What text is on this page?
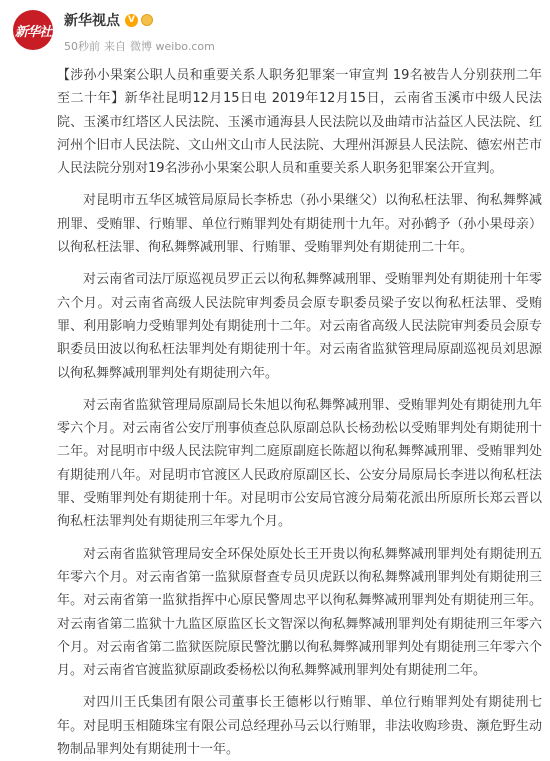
新华社
新华视点 V
50秒前 来自 微博 weibo.com

【涉孙小果案公职人员和重要关系人职务犯罪案一审宣判 19名被告人分别获刑二年至二十年】新华社昆明12月15日电 2019年12月15日，云南省玉溪市中级人民法院、玉溪市红塔区人民法院、玉溪市通海县人民法院以及曲靖市沾益区人民法院、红河州个旧市人民法院、文山州文山市人民法院、大理州洱源县人民法院、德宏州芒市人民法院分别对19名涉孙小果案公职人员和重要关系人职务犯罪案公开宣判。

对昆明市五华区城管局原局长李桥忠（孙小果继父）以徇私枉法罪、徇私舞弊减刑罪、受贿罪、行贿罪、单位行贿罪判处有期徒刑十九年。对孙鹤予（孙小果母亲）以徇私枉法罪、徇私舞弊减刑罪、行贿罪、受贿罪判处有期徒刑二十年。

对云南省司法厅原巡视员罗正云以徇私舞弊减刑罪、受贿罪判处有期徒刑十年零六个月。对云南省高级人民法院审判委员会原专职委员梁子安以徇私枉法罪、受贿罪、利用影响力受贿罪判处有期徒刑十二年。对云南省高级人民法院审判委员会原专职委员田波以徇私枉法罪判处有期徒刑十年。对云南省监狱管理局原副巡视员刘思源以徇私舞弊减刑罪判处有期徒刑六年。

对云南省监狱管理局原副局长朱旭以徇私舞弊减刑罪、受贿罪判处有期徒刑九年零六个月。对云南省公安厅刑事侦查总队原副总队长杨劲松以受贿罪判处有期徒刑十二年。对昆明市中级人民法院审判二庭原副庭长陈超以徇私舞弊减刑罪、受贿罪判处有期徒刑八年。对昆明市官渡区人民政府原副区长、公安分局原局长李进以徇私枉法罪、受贿罪判处有期徒刑十年。对昆明市公安局官渡分局菊花派出所原所长郑云晋以徇私枉法罪判处有期徒刑三年零九个月。

对云南省监狱管理局安全环保处原处长王开贵以徇私舞弊减刑罪判处有期徒刑五年零六个月。对云南省第一监狱原督查专员贝虎跃以徇私舞弊减刑罪判处有期徒刑三年。对云南省第一监狱指挥中心原民警周忠平以徇私舞弊减刑罪判处有期徒刑三年。对云南省第二监狱十九监区原监区长文智深以徇私舞弊减刑罪判处有期徒刑三年零六个月。对云南省第二监狱医院原民警沈鹏以徇私舞弊减刑罪判处有期徒刑三年零六个月。对云南省官渡监狱原副政委杨松以徇私舞弊减刑罪判处有期徒刑二年。

对四川王氏集团有限公司董事长王德彬以行贿罪、单位行贿罪判处有期徒刑七年。对昆明玉相随珠宝有限公司总经理孙马云以行贿罪，非法收购珍贵、濒危野生动物制品罪判处有期徒刑十一年。
